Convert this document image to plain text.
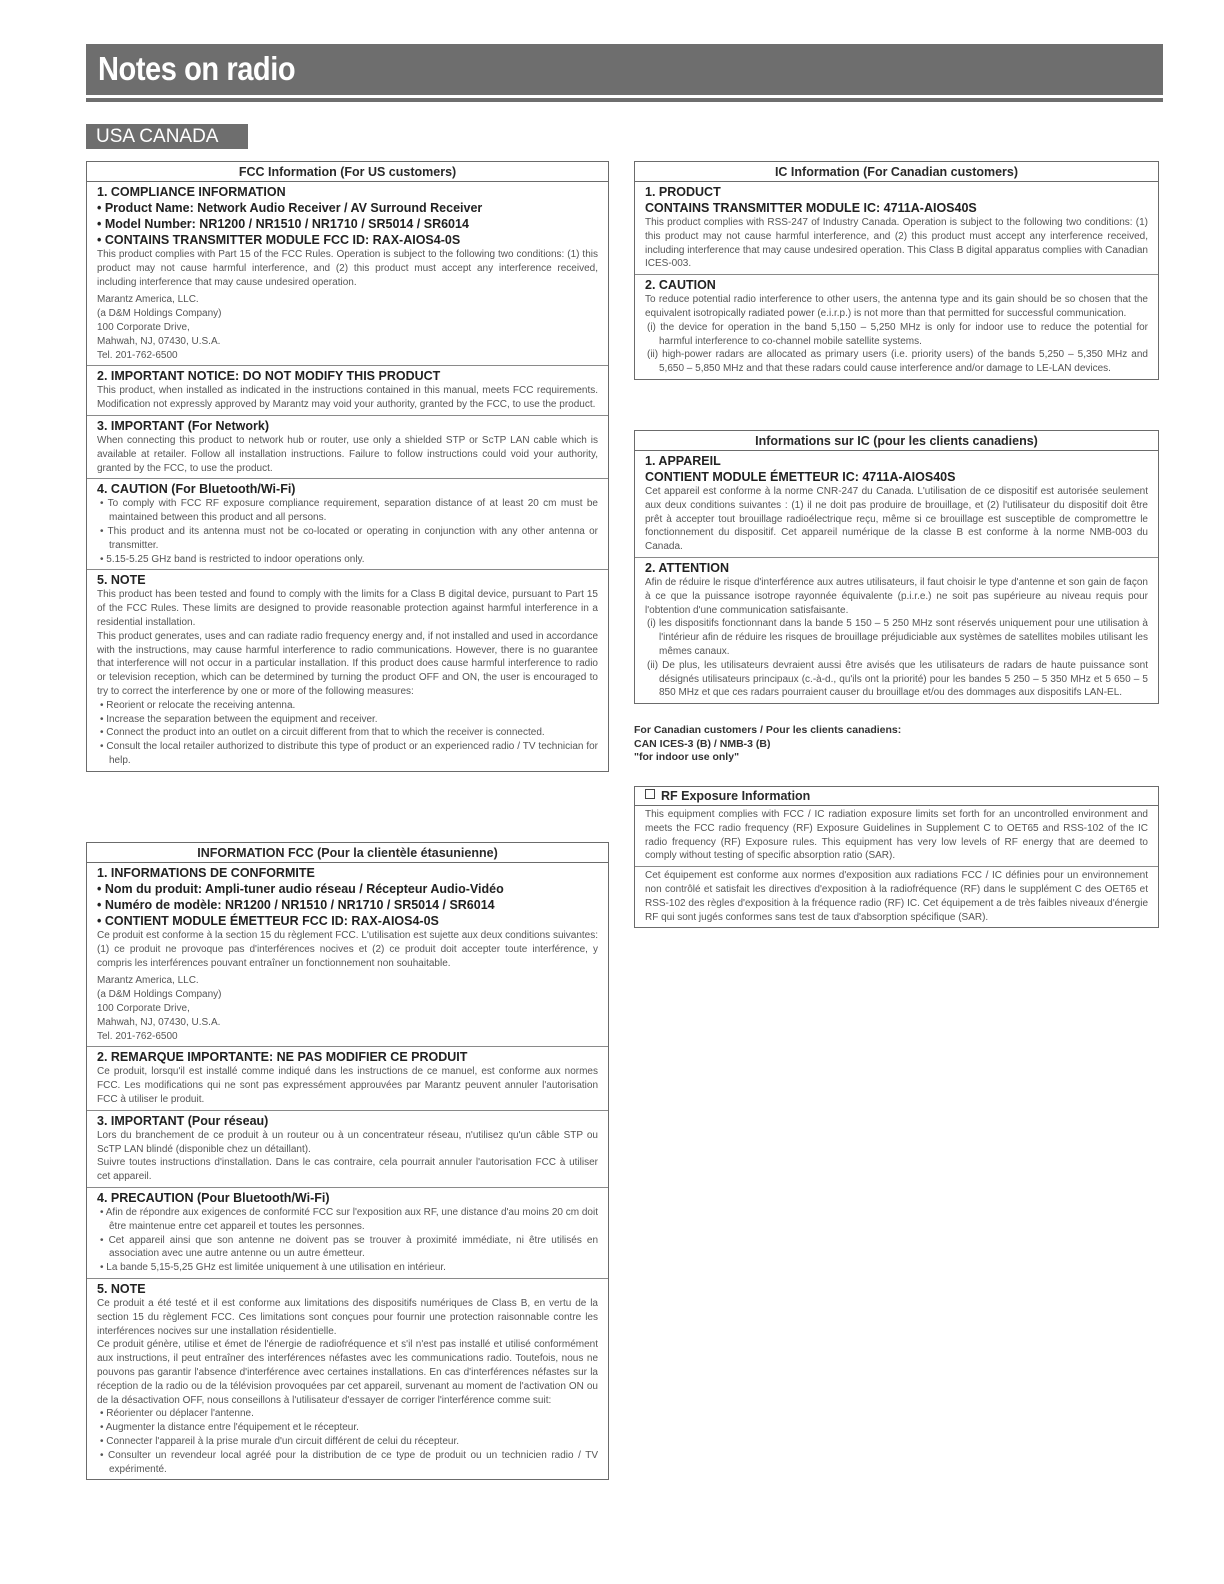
Notes on radio
USA CANADA
FCC Information (For US customers)
1. COMPLIANCE INFORMATION
• Product Name: Network Audio Receiver / AV Surround Receiver
• Model Number: NR1200 / NR1510 / NR1710 / SR5014 / SR6014
• CONTAINS TRANSMITTER MODULE FCC ID: RAX-AIOS4-0S
This product complies with Part 15 of the FCC Rules. Operation is subject to the following two conditions: (1) this product may not cause harmful interference, and (2) this product must accept any interference received, including interference that may cause undesired operation.
Marantz America, LLC.
(a D&M Holdings Company)
100 Corporate Drive,
Mahwah, NJ, 07430, U.S.A.
Tel. 201-762-6500
2. IMPORTANT NOTICE: DO NOT MODIFY THIS PRODUCT
This product, when installed as indicated in the instructions contained in this manual, meets FCC requirements. Modification not expressly approved by Marantz may void your authority, granted by the FCC, to use the product.
3. IMPORTANT (For Network)
When connecting this product to network hub or router, use only a shielded STP or ScTP LAN cable which is available at retailer. Follow all installation instructions. Failure to follow instructions could void your authority, granted by the FCC, to use the product.
4. CAUTION (For Bluetooth/Wi-Fi)
• To comply with FCC RF exposure compliance requirement, separation distance of at least 20 cm must be maintained between this product and all persons.
• This product and its antenna must not be co-located or operating in conjunction with any other antenna or transmitter.
• 5.15-5.25 GHz band is restricted to indoor operations only.
5. NOTE
This product has been tested and found to comply with the limits for a Class B digital device, pursuant to Part 15 of the FCC Rules. These limits are designed to provide reasonable protection against harmful interference in a residential installation.
This product generates, uses and can radiate radio frequency energy and, if not installed and used in accordance with the instructions, may cause harmful interference to radio communications. However, there is no guarantee that interference will not occur in a particular installation. If this product does cause harmful interference to radio or television reception, which can be determined by turning the product OFF and ON, the user is encouraged to try to correct the interference by one or more of the following measures:
• Reorient or relocate the receiving antenna.
• Increase the separation between the equipment and receiver.
• Connect the product into an outlet on a circuit different from that to which the receiver is connected.
• Consult the local retailer authorized to distribute this type of product or an experienced radio / TV technician for help.
INFORMATION FCC (Pour la clientèle étasunienne)
1. INFORMATIONS DE CONFORMITE
• Nom du produit: Ampli-tuner audio réseau / Récepteur Audio-Vidéo
• Numéro de modèle: NR1200 / NR1510 / NR1710 / SR5014 / SR6014
• CONTIENT MODULE ÉMETTEUR FCC ID: RAX-AIOS4-0S
Ce produit est conforme à la section 15 du règlement FCC. L'utilisation est sujette aux deux conditions suivantes: (1) ce produit ne provoque pas d'interférences nocives et (2) ce produit doit accepter toute interférence, y compris les interférences pouvant entraîner un fonctionnement non souhaitable.
Marantz America, LLC.
(a D&M Holdings Company)
100 Corporate Drive,
Mahwah, NJ, 07430, U.S.A.
Tel. 201-762-6500
2. REMARQUE IMPORTANTE: NE PAS MODIFIER CE PRODUIT
Ce produit, lorsqu'il est installé comme indiqué dans les instructions de ce manuel, est conforme aux normes FCC. Les modifications qui ne sont pas expressément approuvées par Marantz peuvent annuler l'autorisation FCC à utiliser le produit.
3. IMPORTANT (Pour réseau)
Lors du branchement de ce produit à un routeur ou à un concentrateur réseau, n'utilisez qu'un câble STP ou ScTP LAN blindé (disponible chez un détaillant).
Suivre toutes instructions d'installation. Dans le cas contraire, cela pourrait annuler l'autorisation FCC à utiliser cet appareil.
4. PRECAUTION (Pour Bluetooth/Wi-Fi)
• Afin de répondre aux exigences de conformité FCC sur l'exposition aux RF, une distance d'au moins 20 cm doit être maintenue entre cet appareil et toutes les personnes.
• Cet appareil ainsi que son antenne ne doivent pas se trouver à proximité immédiate, ni être utilisés en association avec une autre antenne ou un autre émetteur.
• La bande 5,15-5,25 GHz est limitée uniquement à une utilisation en intérieur.
5. NOTE
Ce produit a été testé et il est conforme aux limitations des dispositifs numériques de Class B, en vertu de la section 15 du règlement FCC. Ces limitations sont conçues pour fournir une protection raisonnable contre les interférences nocives sur une installation résidentielle.
Ce produit génère, utilise et émet de l'énergie de radiofréquence et s'il n'est pas installé et utilisé conformément aux instructions, il peut entraîner des interférences néfastes avec les communications radio. Toutefois, nous ne pouvons pas garantir l'absence d'interférence avec certaines installations. En cas d'interférences néfastes sur la réception de la radio ou de la télévision provoquées par cet appareil, survenant au moment de l'activation ON ou de la désactivation OFF, nous conseillons à l'utilisateur d'essayer de corriger l'interférence comme suit:
• Réorienter ou déplacer l'antenne.
• Augmenter la distance entre l'équipement et le récepteur.
• Connecter l'appareil à la prise murale d'un circuit différent de celui du récepteur.
• Consulter un revendeur local agréé pour la distribution de ce type de produit ou un technicien radio / TV expérimenté.
IC Information (For Canadian customers)
1. PRODUCT
CONTAINS TRANSMITTER MODULE IC: 4711A-AIOS40S
This product complies with RSS-247 of Industry Canada. Operation is subject to the following two conditions: (1) this product may not cause harmful interference, and (2) this product must accept any interference received, including interference that may cause undesired operation. This Class B digital apparatus complies with Canadian ICES-003.
2. CAUTION
To reduce potential radio interference to other users, the antenna type and its gain should be so chosen that the equivalent isotropically radiated power (e.i.r.p.) is not more than that permitted for successful communication.
(i) the device for operation in the band 5,150 – 5,250 MHz is only for indoor use to reduce the potential for harmful interference to co-channel mobile satellite systems.
(ii) high-power radars are allocated as primary users (i.e. priority users) of the bands 5,250 – 5,350 MHz and 5,650 – 5,850 MHz and that these radars could cause interference and/or damage to LE-LAN devices.
Informations sur IC (pour les clients canadiens)
1. APPAREIL
CONTIENT MODULE ÉMETTEUR IC: 4711A-AIOS40S
Cet appareil est conforme à la norme CNR-247 du Canada. L'utilisation de ce dispositif est autorisée seulement aux deux conditions suivantes : (1) il ne doit pas produire de brouillage, et (2) l'utilisateur du dispositif doit être prêt à accepter tout brouillage radioélectrique reçu, même si ce brouillage est susceptible de compromettre le fonctionnement du dispositif. Cet appareil numérique de la classe B est conforme à la norme NMB-003 du Canada.
2. ATTENTION
Afin de réduire le risque d'interférence aux autres utilisateurs, il faut choisir le type d'antenne et son gain de façon à ce que la puissance isotrope rayonnée équivalente (p.i.r.e.) ne soit pas supérieure au niveau requis pour l'obtention d'une communication satisfaisante.
(i) les dispositifs fonctionnant dans la bande 5 150 – 5 250 MHz sont réservés uniquement pour une utilisation à l'intérieur afin de réduire les risques de brouillage préjudiciable aux systèmes de satellites mobiles utilisant les mêmes canaux.
(ii) De plus, les utilisateurs devraient aussi être avisés que les utilisateurs de radars de haute puissance sont désignés utilisateurs principaux (c.-à-d., qu'ils ont la priorité) pour les bandes 5 250 – 5 350 MHz et 5 650 – 5 850 MHz et que ces radars pourraient causer du brouillage et/ou des dommages aux dispositifs LAN-EL.
For Canadian customers / Pour les clients canadiens:
CAN ICES-3 (B) / NMB-3 (B)
"for indoor use only"
RF Exposure Information
This equipment complies with FCC / IC radiation exposure limits set forth for an uncontrolled environment and meets the FCC radio frequency (RF) Exposure Guidelines in Supplement C to OET65 and RSS-102 of the IC radio frequency (RF) Exposure rules. This equipment has very low levels of RF energy that are deemed to comply without testing of specific absorption ratio (SAR).
Cet équipement est conforme aux normes d'exposition aux radiations FCC / IC définies pour un environnement non contrôlé et satisfait les directives d'exposition à la radiofréquence (RF) dans le supplément C des OET65 et RSS-102 des règles d'exposition à la fréquence radio (RF) IC. Cet équipement a de très faibles niveaux d'énergie RF qui sont jugés conformes sans test de taux d'absorption spécifique (SAR).
